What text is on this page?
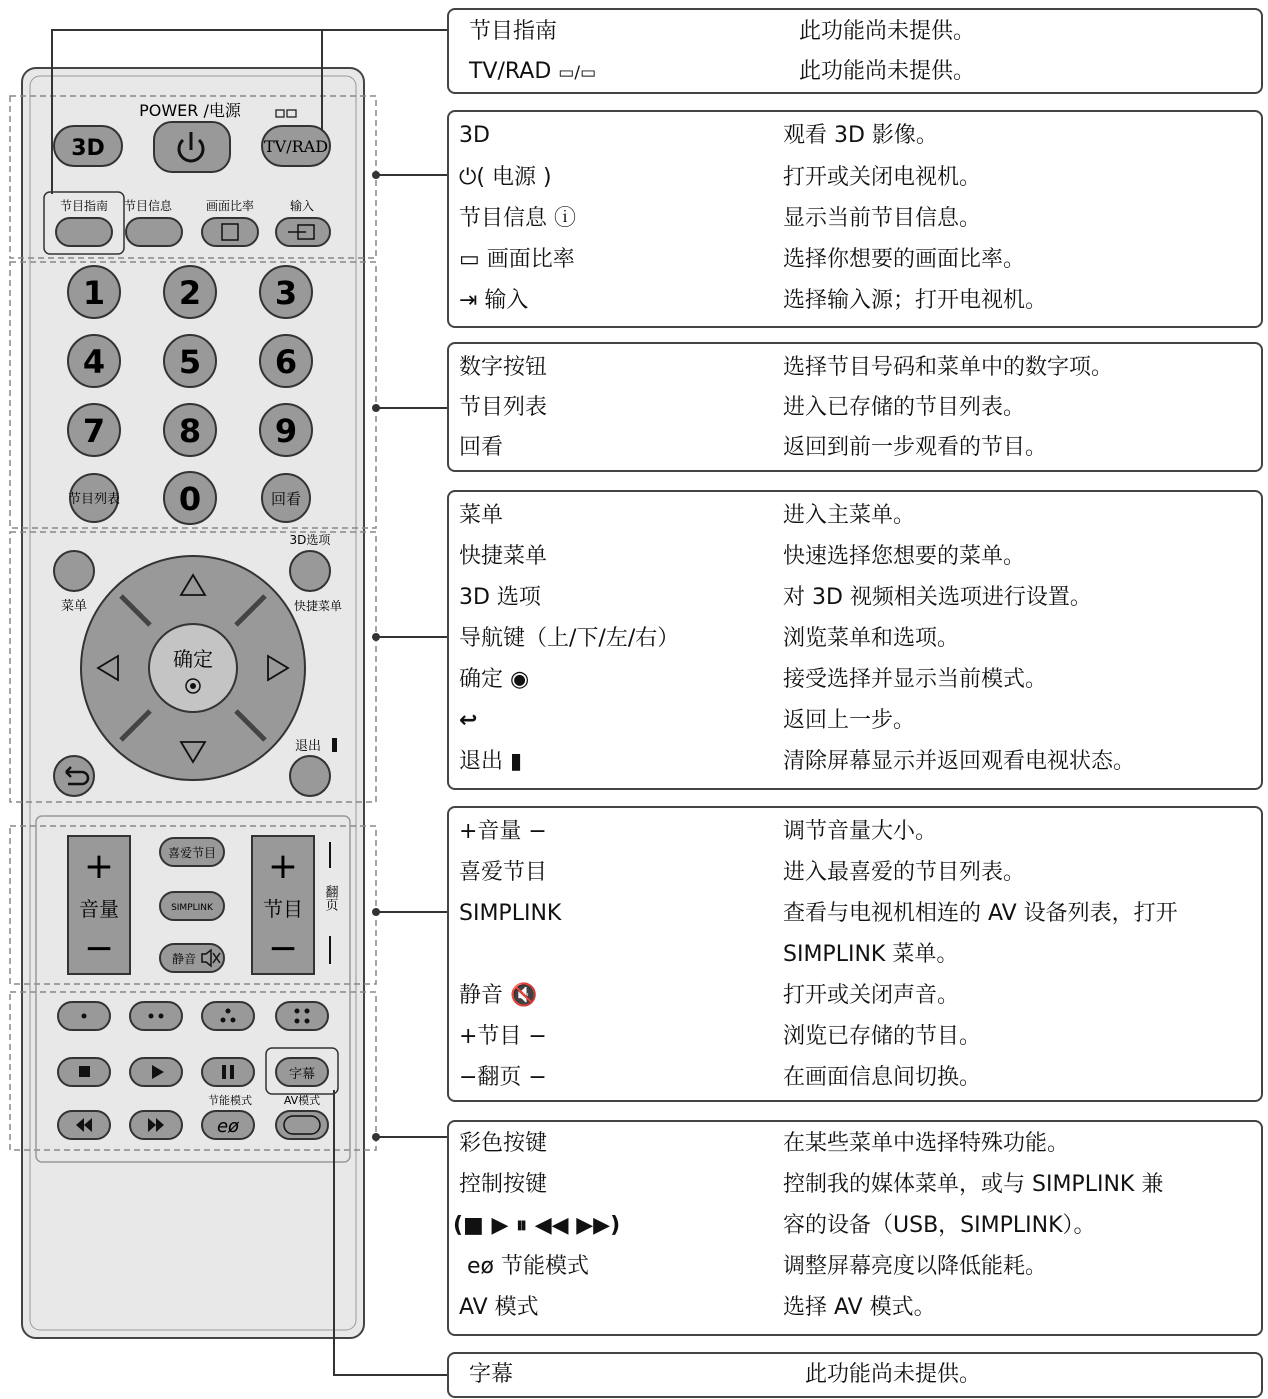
POWER /电源
3D	TV/RAD
节目指南 节目信息	画面比率	输入
1 2 3
4 5 6
7 8 9
节目列表 0	回看
3D选项
菜单	快捷菜单
确定
退出
+
音量
−
喜爱节目
SIMPLINK
静音
+
节目
−
翻页
字幕
节能模式	AV模式
eø
节目指南	此功能尚未提供。
TV/RAD ▭/▭	此功能尚未提供。
3D	观看 3D 影像。
⏻( 电源 )	打开或关闭电视机。
节目信息 ⓘ	显示当前节目信息。
▭ 画面比率	选择你想要的画面比率。
⇥ 输入	选择输入源；打开电视机。
数字按钮	选择节目号码和菜单中的数字项。
节目列表	进入已存储的节目列表。
回看	返回到前一步观看的节目。
菜单	进入主菜单。
快捷菜单	快速选择您想要的菜单。
3D 选项	对 3D 视频相关选项进行设置。
导航键（上/下/左/右）	浏览菜单和选项。
确定 ◉	接受选择并显示当前模式。
↩	返回上一步。
退出 ▮	清除屏幕显示并返回观看电视状态。
+音量 −	调节音量大小。
喜爱节目	进入最喜爱的节目列表。
SIMPLINK	查看与电视机相连的 AV 设备列表，打开
SIMPLINK 菜单。
静音 🔇	打开或关闭声音。
+节目 −	浏览已存储的节目。
−翻页 −	在画面信息间切换。
彩色按键	在某些菜单中选择特殊功能。
控制按键	控制我的媒体菜单，或与 SIMPLINK 兼
(■ ▶ ⏸ ◀◀ ▶▶)	容的设备（USB，SIMPLINK）。
eø 节能模式	调整屏幕亮度以降低能耗。
AV 模式	选择 AV 模式。
字幕	此功能尚未提供。
